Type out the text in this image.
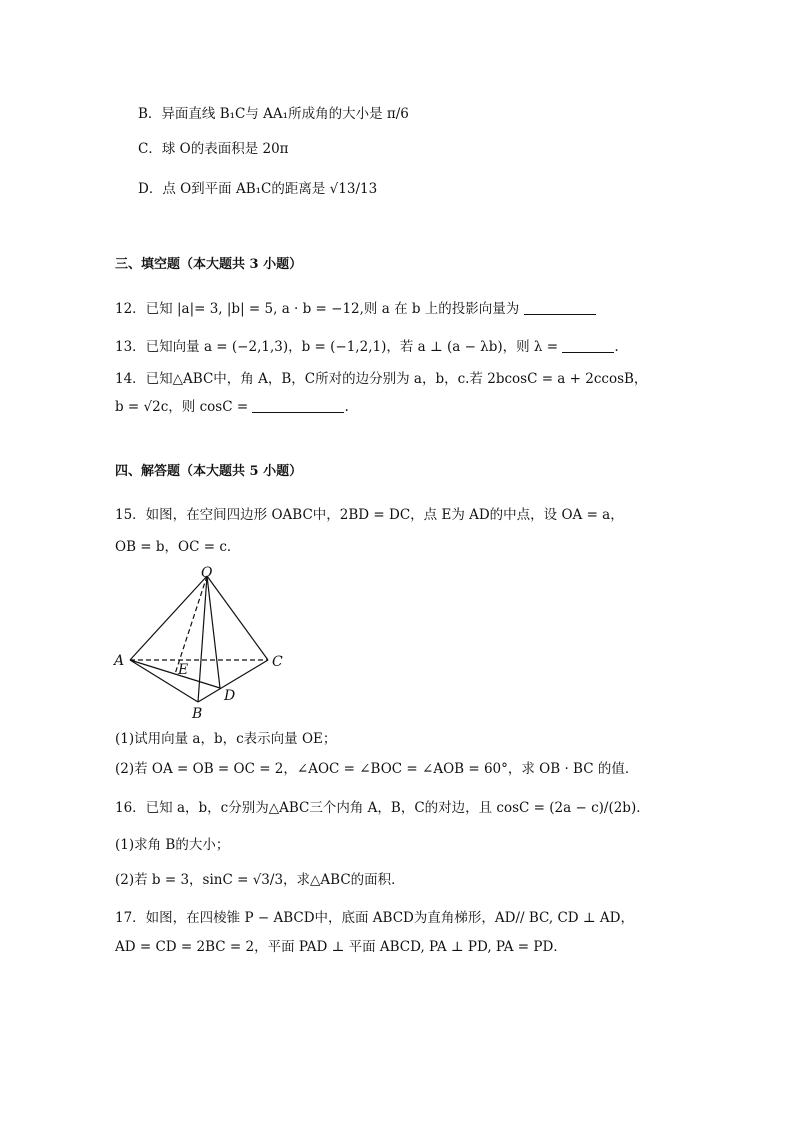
B．异面直线 B₁C与 AA₁所成角的大小是 π/6
C．球 O的表面积是 20π
D．点 O到平面 AB₁C的距离是 √13/13
三、填空题（本大题共 3 小题）
12．已知 |a|= 3, |b| = 5, a · b = −12,则 a 在 b 上的投影向量为
13．已知向量 a = (−2,1,3)，b = (−1,2,1)，若 a ⊥ (a − λb)，则 λ =	.
14．已知△ABC中，角 A，B，C所对的边分别为 a，b，c.若 2bcosC = a + 2ccosB，
b = √2c，则 cosC =	.
四、解答题（本大题共 5 小题）
15．如图，在空间四边形 OABC中，2BD = DC，点 E为 AD的中点，设 OA = a，
OB = b，OC = c．
O
A
B
C
D
E
(1)试用向量 a，b，c表示向量 OE；
(2)若 OA = OB = OC = 2，∠AOC = ∠BOC = ∠AOB = 60°，求 OB · BC 的值．
16．已知 a，b，c分别为△ABC三个内角 A，B，C的对边，且 cosC = (2a − c)/(2b)．
(1)求角 B的大小；
(2)若 b = 3，sinC = √3/3，求△ABC的面积．
17．如图，在四棱锥 P − ABCD中，底面 ABCD为直角梯形，AD// BC, CD ⊥ AD，
AD = CD = 2BC = 2，平面 PAD ⊥ 平面 ABCD, PA ⊥ PD, PA = PD．
